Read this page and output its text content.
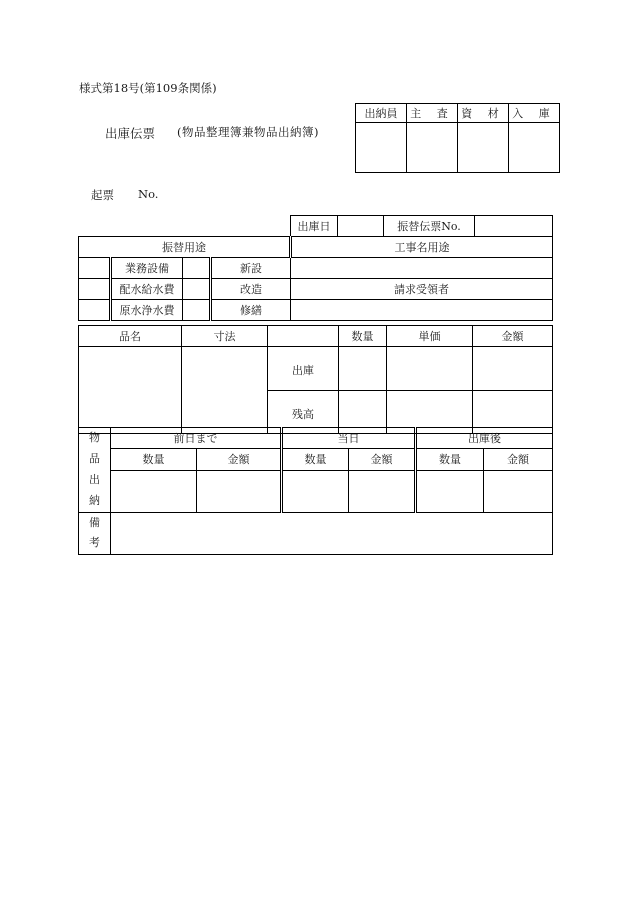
様式第18号(第109条関係)
出庫伝票 (物品整理簿兼物品出納簿)
起票 No.
出納員	主 査	資 材	入 庫

				出庫日		振替伝票No.	
振替用途				工事名用途			
	業務設備		新設				
	配水給水費		改造	請求受領者			
	原水浄水費		修繕				
品名	寸法		数量	単価	金額
		出庫			
		残高			
物
品
出
納	前日まで		当日		出庫後	
	数量	金額	数量	金額	数量	金額

備
考						
